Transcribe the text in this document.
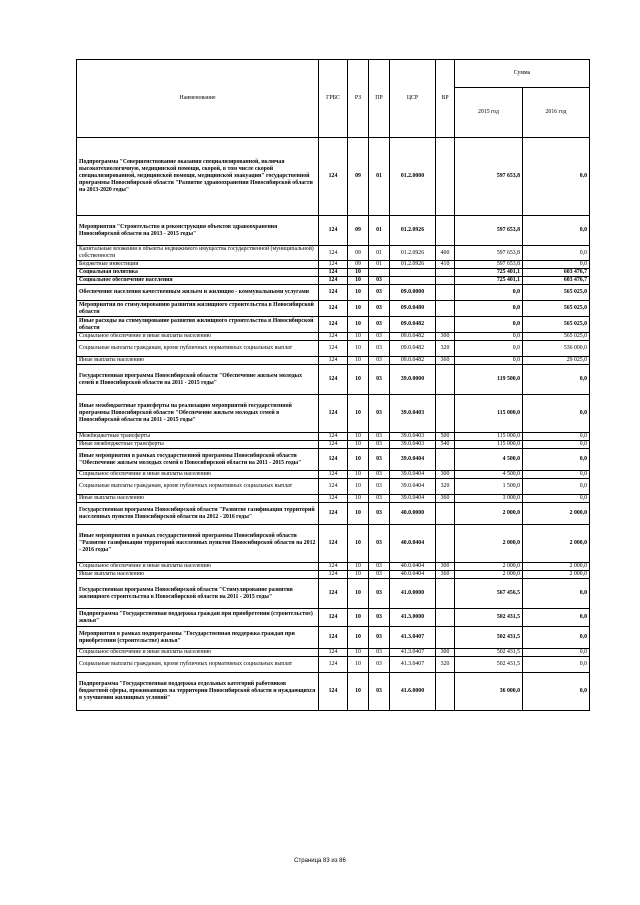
Наименование	ГРБС	РЗ	ПР	ЦСР	ВР	Сумма	
						2015 год	2016 год
Подпрограмма "Совершенствование оказания специализированной, включая высокотехнологичную, медицинской помощи, скорой, в том числе скорой специализированной, медицинской помощи, медицинской эвакуации" государственной программы Новосибирской области "Развитие здравоохранения Новосибирской области на 2013-2020 годы"	124	09	01	01.2.0000		597 653,8	0,0
Мероприятия "Строительство и реконструкция объектов здравоохранения Новосибирской области на 2013 - 2015 годы"	124	09	01	01.2.0926		597 653,8	0,0
Капитальные вложения в объекты недвижимого имущества государственной (муниципальной) собственности	124	09	01	01.2.0926	400	597 653,8	0,0
Бюджетные инвестиции	124	09	01	01.2.0926	410	597 653,8	0,0
Социальная политика	124	10				725 401,1	603 476,7
Социальное обеспечение населения	124	10	03			725 401,1	603 476,7
Обеспечение населения качественным жильем и жилищно - коммунальными услугами	124	10	03	09.0.0000		0,0	565 025,0
Мероприятия по стимулированию развития жилищного строительства в Новосибирской области	124	10	03	09.0.0480		0,0	565 025,0
Иные расходы на стимулирование развития жилищного строительства в Новосибирской области	124	10	03	09.0.0482		0,0	565 025,0
Социальное обеспечение и иные выплаты населению	124	10	03	09.0.0482	300	0,0	565 025,0
Социальные выплаты гражданам, кроме публичных нормативных социальных выплат	124	10	03	09.0.0482	320	0,0	536 000,0
Иные выплаты населению	124	10	03	09.0.0482	360	0,0	29 025,0
Государственная программа Новосибирской области "Обеспечение жильем молодых семей в Новосибирской области на 2011 - 2015 годы"	124	10	03	39.0.0000		119 500,0	0,0
Иные межбюджетные трансферты на реализацию мероприятий государственной программы Новосибирской области "Обеспечение жильем молодых семей в Новосибирской области на 2011 - 2015 годы"	124	10	03	39.0.0403		115 000,0	0,0
Межбюджетные трансферты	124	10	03	39.0.0403	500	115 000,0	0,0
Иные межбюджетные трансферты	124	10	03	39.0.0403	540	115 000,0	0,0
Иные мероприятия в рамках государственной программы Новосибирской области "Обеспечение жильем молодых семей в Новосибирской области на 2011 - 2015 годы"	124	10	03	39.0.0404		4 500,0	0,0
Социальное обеспечение и иные выплаты населению	124	10	03	39.0.0404	300	4 500,0	0,0
Социальные выплаты гражданам, кроме публичных нормативных социальных выплат	124	10	03	39.0.0404	320	1 500,0	0,0
Иные выплаты населению	124	10	03	39.0.0404	360	3 000,0	0,0
Государственная программа Новосибирской области "Развитие газификации территорий населенных пунктов Новосибирской области на 2012 - 2016 годы"	124	10	03	40.0.0000		2 000,0	2 000,0
Иные мероприятия в рамках государственной программы Новосибирской области "Развитие газификации территорий населенных пунктов Новосибирской области на 2012 - 2016 годы"	124	10	03	40.0.0404		2 000,0	2 000,0
Социальное обеспечение и иные выплаты населению	124	10	03	40.0.0404	300	2 000,0	2 000,0
Иные выплаты населению	124	10	03	40.0.0404	360	2 000,0	2 000,0
Государственная программа Новосибирской области "Стимулирование развития жилищного строительства в Новосибирской области на 2011 - 2015 годы"	124	10	03	41.0.0000		567 456,5	0,0
Подпрограмма "Государственная поддержка граждан при приобретении (строительстве) жилья"	124	10	03	41.3.0000		502 431,5	0,0
Мероприятия в рамках подпрограммы "Государственная поддержка граждан при приобретении (строительстве) жилья"	124	10	03	41.3.0407		502 431,5	0,0
Социальное обеспечение и иные выплаты населению	124	10	03	41.3.0407	300	502 431,5	0,0
Социальные выплаты гражданам, кроме публичных нормативных социальных выплат	124	10	03	41.3.0407	320	502 431,5	0,0
Подпрограмма "Государственная поддержка отдельных категорий работников бюджетной сферы, проживающих на территории Новосибирской области и нуждающихся в улучшении жилищных условий"	124	10	03	41.6.0000		36 000,0	0,0
Страница 83 из 86
